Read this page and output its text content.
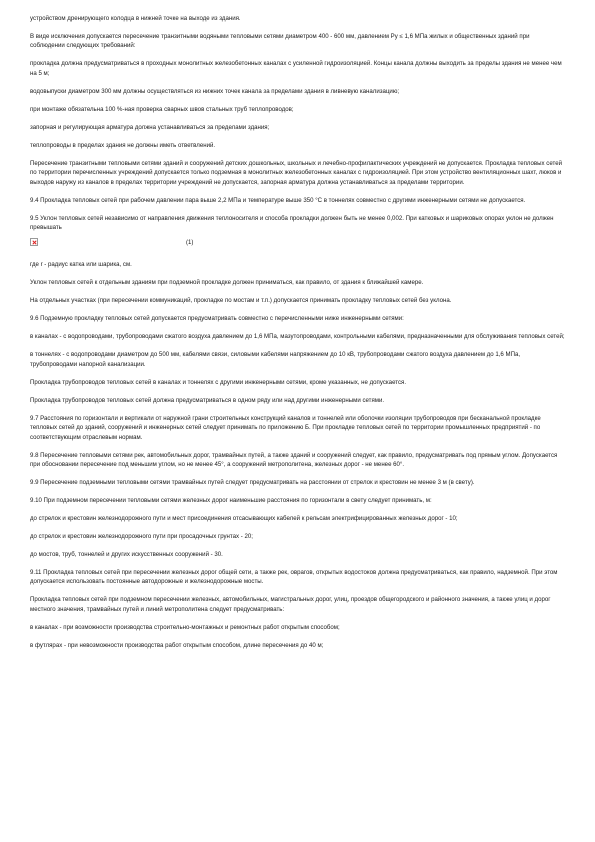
устройством дренирующего колодца в нижней точке на выходе из здания.

В виде исключения допускается пересечение транзитными водяными тепловыми сетями диаметром 400 - 600 мм, давлением Ру ≤ 1,6 МПа жилых и общественных зданий при соблюдении следующих требований:

прокладка должна предусматриваться в проходных монолитных железобетонных каналах с усиленной гидроизоляцией. Концы канала должны выходить за пределы здания не менее чем на 5 м;

водовыпуски диаметром 300 мм должны осуществляться из нижних точек канала за пределами здания в ливневую канализацию;

при монтаже обязательна 100 %-ная проверка сварных швов стальных труб теплопроводов;

запорная и регулирующая арматура должна устанавливаться за пределами здания;

теплопроводы в пределах здания не должны иметь ответвлений.

Пересечение транзитными тепловыми сетями зданий и сооружений детских дошкольных, школьных и лечебно-профилактических учреждений не допускается. Прокладка тепловых сетей по территории перечисленных учреждений допускается только подземная в монолитных железобетонных каналах с гидроизоляцией. При этом устройство вентиляционных шахт, люков и выходов наружу из каналов в пределах территории учреждений не допускается, запорная арматура должна устанавливаться за пределами территории.

9.4 Прокладка тепловых сетей при рабочем давлении пара выше 2,2 МПа и температуре выше 350 °С в тоннелях совместно с другими инженерными сетями не допускается.

9.5 Уклон тепловых сетей независимо от направления движения теплоносителя и способа прокладки должен быть не менее 0,002. При катковых и шариковых опорах уклон не должен превышать

(1)

где r - радиус катка или шарика, см.

Уклон тепловых сетей к отдельным зданиям при подземной прокладке должен приниматься, как правило, от здания к ближайшей камере.

На отдельных участках (при пересечении коммуникаций, прокладке по мостам и т.п.) допускается принимать прокладку тепловых сетей без уклона.

9.6 Подземную прокладку тепловых сетей допускается предусматривать совместно с перечисленными ниже инженерными сетями:

в каналах - с водопроводами, трубопроводами сжатого воздуха давлением до 1,6 МПа, мазутопроводами, контрольными кабелями, предназначенными для обслуживания тепловых сетей;

в тоннелях - с водопроводами диаметром до 500 мм, кабелями связи, силовыми кабелями напряжением до 10 кВ, трубопроводами сжатого воздуха давлением до 1,6 МПа, трубопроводами напорной канализации.

Прокладка трубопроводов тепловых сетей в каналах и тоннелях с другими инженерными сетями, кроме указанных, не допускается.

Прокладка трубопроводов тепловых сетей должна предусматриваться в одном ряду или над другими инженерными сетями.

9.7 Расстояния по горизонтали и вертикали от наружной грани строительных конструкций каналов и тоннелей или оболочки изоляции трубопроводов при бесканальной прокладке тепловых сетей до зданий, сооружений и инженерных сетей следует принимать по приложению Б. При прокладке тепловых сетей по территории промышленных предприятий - по соответствующим отраслевым нормам.

9.8 Пересечение тепловыми сетями рек, автомобильных дорог, трамвайных путей, а также зданий и сооружений следует, как правило, предусматривать под прямым углом. Допускается при обосновании пересечение под меньшим углом, но не менее 45°, а сооружений метрополитена, железных дорог - не менее 60°.

9.9 Пересечение подземными тепловыми сетями трамвайных путей следует предусматривать на расстоянии от стрелок и крестовин не менее 3 м (в свету).

9.10 При подземном пересечении тепловыми сетями железных дорог наименьшие расстояния по горизонтали в свету следует принимать, м:

до стрелок и крестовин железнодорожного пути и мест присоединения отсасывающих кабелей к рельсам электрифицированных железных дорог - 10;

до стрелок и крестовин железнодорожного пути при просадочных грунтах - 20;

до мостов, труб, тоннелей и других искусственных сооружений - 30.

9.11 Прокладка тепловых сетей при пересечении железных дорог общей сети, а также рек, оврагов, открытых водостоков должна предусматриваться, как правило, надземной. При этом допускается использовать постоянные автодорожные и железнодорожные мосты.

Прокладка тепловых сетей при подземном пересечении железных, автомобильных, магистральных дорог, улиц, проездов общегородского и районного значения, а также улиц и дорог местного значения, трамвайных путей и линий метрополитена следует предусматривать:

в каналах - при возможности производства строительно-монтажных и ремонтных работ открытым способом;

в футлярах - при невозможности производства работ открытым способом, длине пересечения до 40 м;
